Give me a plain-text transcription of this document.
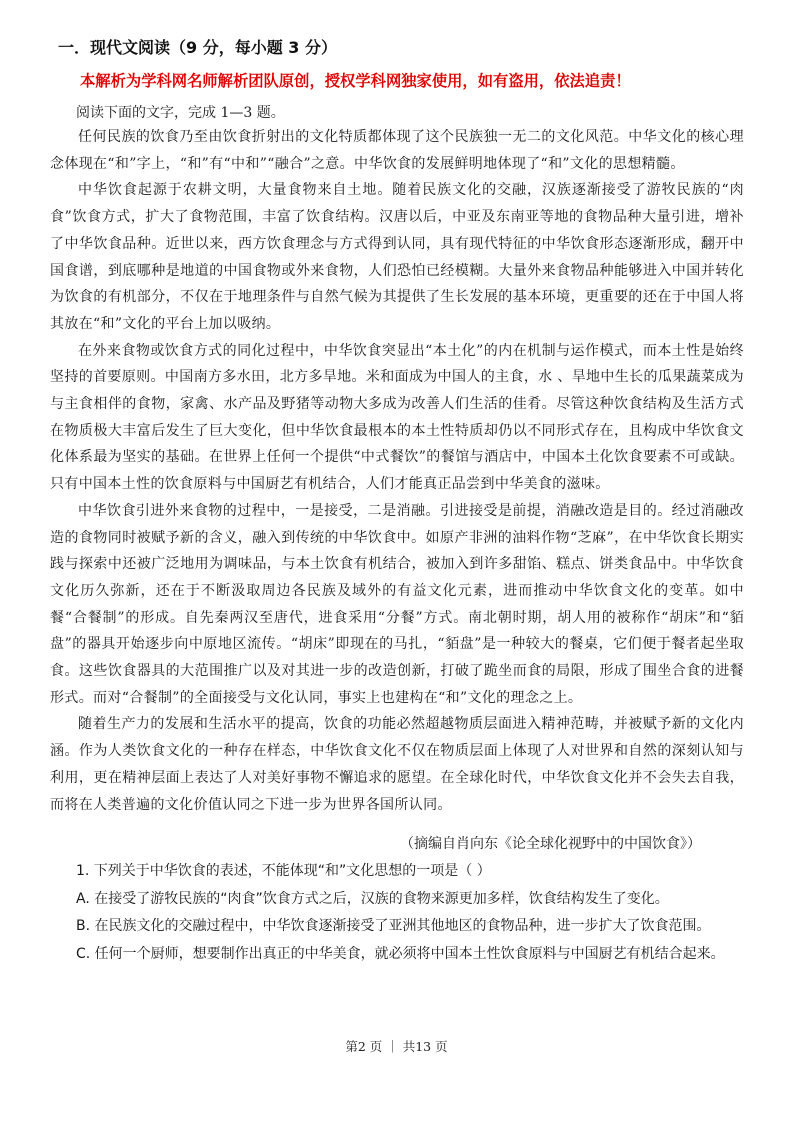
一．现代文阅读（9 分，每小题 3 分）
本解析为学科网名师解析团队原创，授权学科网独家使用，如有盗用，依法追责！
阅读下面的文字，完成 1—3 题。

任何民族的饮食乃至由饮食折射出的文化特质都体现了这个民族独一无二的文化风范。中华文化的核心理念体现在“和”字上，“和”有“中和”“融合”之意。中华饮食的发展鲜明地体现了“和”文化的思想精髓。

中华饮食起源于农耕文明，大量食物来自土地。随着民族文化的交融，汉族逐渐接受了游牧民族的“肉食”饮食方式，扩大了食物范围，丰富了饮食结构。汉唐以后，中亚及东南亚等地的食物品种大量引进，增补了中华饮食品种。近世以来，西方饮食理念与方式得到认同，具有现代特征的中华饮食形态逐渐形成，翻开中国食谱，到底哪种是地道的中国食物或外来食物，人们恐怕已经模糊。大量外来食物品种能够进入中国并转化为饮食的有机部分，不仅在于地理条件与自然气候为其提供了生长发展的基本环境，更重要的还在于中国人将其放在“和”文化的平台上加以吸纳。

在外来食物或饮食方式的同化过程中，中华饮食突显出“本土化”的内在机制与运作模式，而本土性是始终坚持的首要原则。中国南方多水田，北方多旱地。米和面成为中国人的主食，水 、旱地中生长的瓜果蔬菜成为与主食相伴的食物，家禽、水产品及野猪等动物大多成为改善人们生活的佳肴。尽管这种饮食结构及生活方式在物质极大丰富后发生了巨大变化，但中华饮食最根本的本土性特质却仍以不同形式存在，且构成中华饮食文化体系最为坚实的基础。在世界上任何一个提供“中式餐饮”的餐馆与酒店中，中国本土化饮食要素不可或缺。只有中国本土性的饮食原料与中国厨艺有机结合，人们才能真正品尝到中华美食的滋味。

中华饮食引进外来食物的过程中，一是接受，二是消融。引进接受是前提，消融改造是目的。经过消融改造的食物同时被赋予新的含义，融入到传统的中华饮食中。如原产非洲的油料作物“芝麻”，在中华饮食长期实践与探索中还被广泛地用为调味品，与本土饮食有机结合，被加入到许多甜馅、糕点、饼类食品中。中华饮食文化历久弥新，还在于不断汲取周边各民族及域外的有益文化元素，进而推动中华饮食文化的变革。如中餐“合餐制”的形成。自先秦两汉至唐代，进食采用“分餐”方式。南北朝时期，胡人用的被称作“胡床”和“貊盘”的器具开始逐步向中原地区流传。“胡床”即现在的马扎，“貊盘”是一种较大的餐桌，它们便于餐者起坐取食。这些饮食器具的大范围推广以及对其进一步的改造创新，打破了跪坐而食的局限，形成了围坐合食的进餐形式。而对“合餐制”的全面接受与文化认同，事实上也建构在“和”文化的理念之上。

随着生产力的发展和生活水平的提高，饮食的功能必然超越物质层面进入精神范畴，并被赋予新的文化内涵。作为人类饮食文化的一种存在样态，中华饮食文化不仅在物质层面上体现了人对世界和自然的深刻认知与利用，更在精神层面上表达了人对美好事物不懈追求的愿望。在全球化时代，中华饮食文化并不会失去自我，而将在人类普遍的文化价值认同之下进一步为世界各国所认同。

（摘编自肖向东《论全球化视野中的中国饮食》）
1. 下列关于中华饮食的表述，不能体现“和”文化思想的一项是（ ）
A. 在接受了游牧民族的“肉食”饮食方式之后，汉族的食物来源更加多样，饮食结构发生了变化。
B. 在民族文化的交融过程中，中华饮食逐渐接受了亚洲其他地区的食物品种，进一步扩大了饮食范围。
C. 任何一个厨师，想要制作出真正的中华美食，就必须将中国本土性饮食原料与中国厨艺有机结合起来。
第2 页 ｜ 共13 页
